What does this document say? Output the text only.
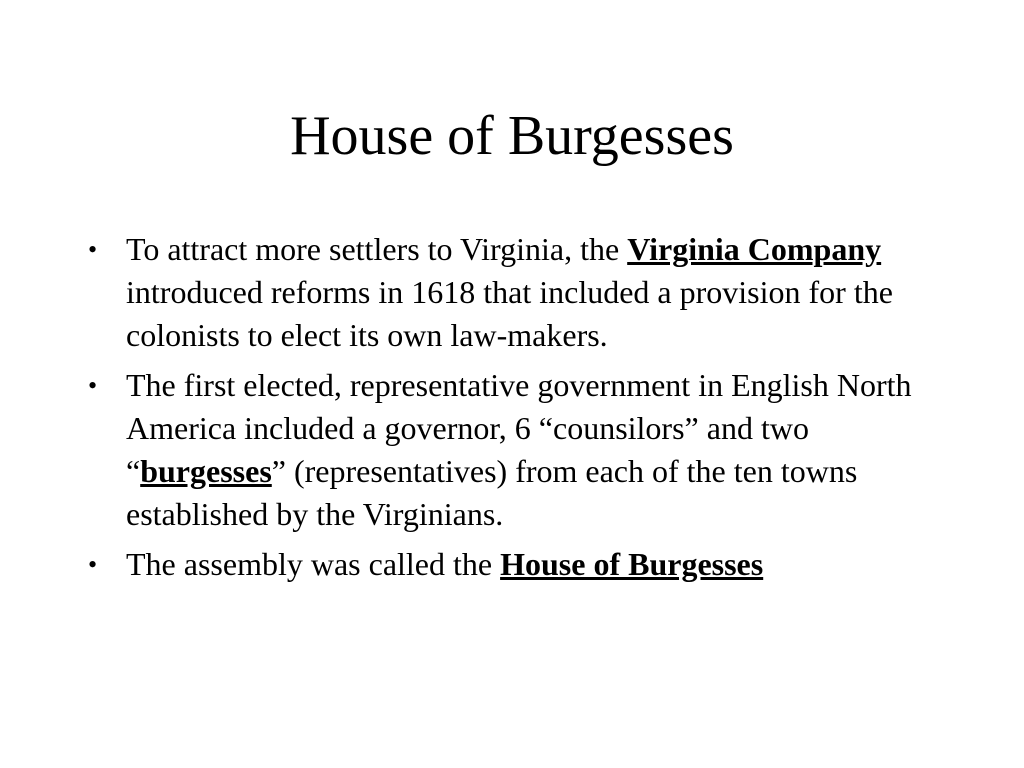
House of Burgesses
• To attract more settlers to Virginia, the Virginia Company introduced reforms in 1618 that included a provision for the colonists to elect its own law-makers.
• The first elected, representative government in English North America included a governor, 6 “counsilors” and two “burgesses” (representatives) from each of the ten towns established by the Virginians.
• The assembly was called the House of Burgesses
